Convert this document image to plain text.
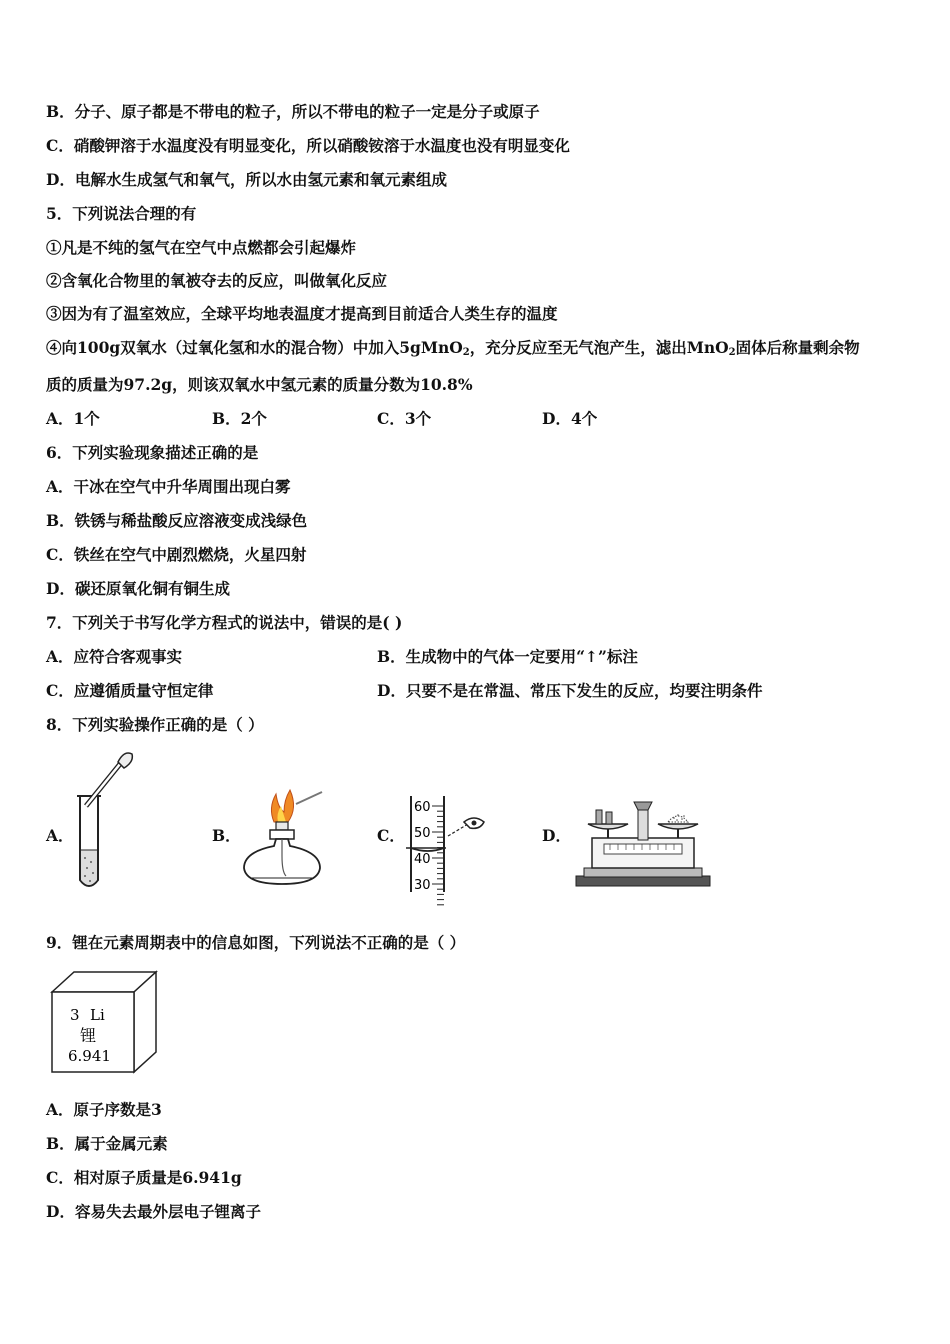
B．分子、原子都是不带电的粒子，所以不带电的粒子一定是分子或原子
C．硝酸钾溶于水温度没有明显变化，所以硝酸铵溶于水温度也没有明显变化
D．电解水生成氢气和氧气，所以水由氢元素和氧元素组成
5．下列说法合理的有
①凡是不纯的氢气在空气中点燃都会引起爆炸
②含氧化合物里的氧被夺去的反应，叫做氧化反应
③因为有了温室效应，全球平均地表温度才提高到目前适合人类生存的温度
④向100g双氧水（过氧化氢和水的混合物）中加入5gMnO$_2$，充分反应至无气泡产生，滤出MnO$_2$固体后称量剩余物
质的质量为97.2g，则该双氧水中氢元素的质量分数为10.8%
A．1个	B．2个	C．3个	D．4个
6．下列实验现象描述正确的是
A．干冰在空气中升华周围出现白雾
B．铁锈与稀盐酸反应溶液变成浅绿色
C．铁丝在空气中剧烈燃烧，火星四射
D．碳还原氧化铜有铜生成
7．下列关于书写化学方程式的说法中，错误的是( )
A．应符合客观事实	B．生成物中的气体一定要用“↑”标注
C．应遵循质量守恒定律	D．只要不是在常温、常压下发生的反应，均要注明条件
8．下列实验操作正确的是（ ）
A．	B．	C．
60
50
40
30
D．
9．锂在元素周期表中的信息如图，下列说法不正确的是（ ）
3 Li
锂
6.941
A．原子序数是3
B．属于金属元素
C．相对原子质量是6.941g
D．容易失去最外层电子锂离子
